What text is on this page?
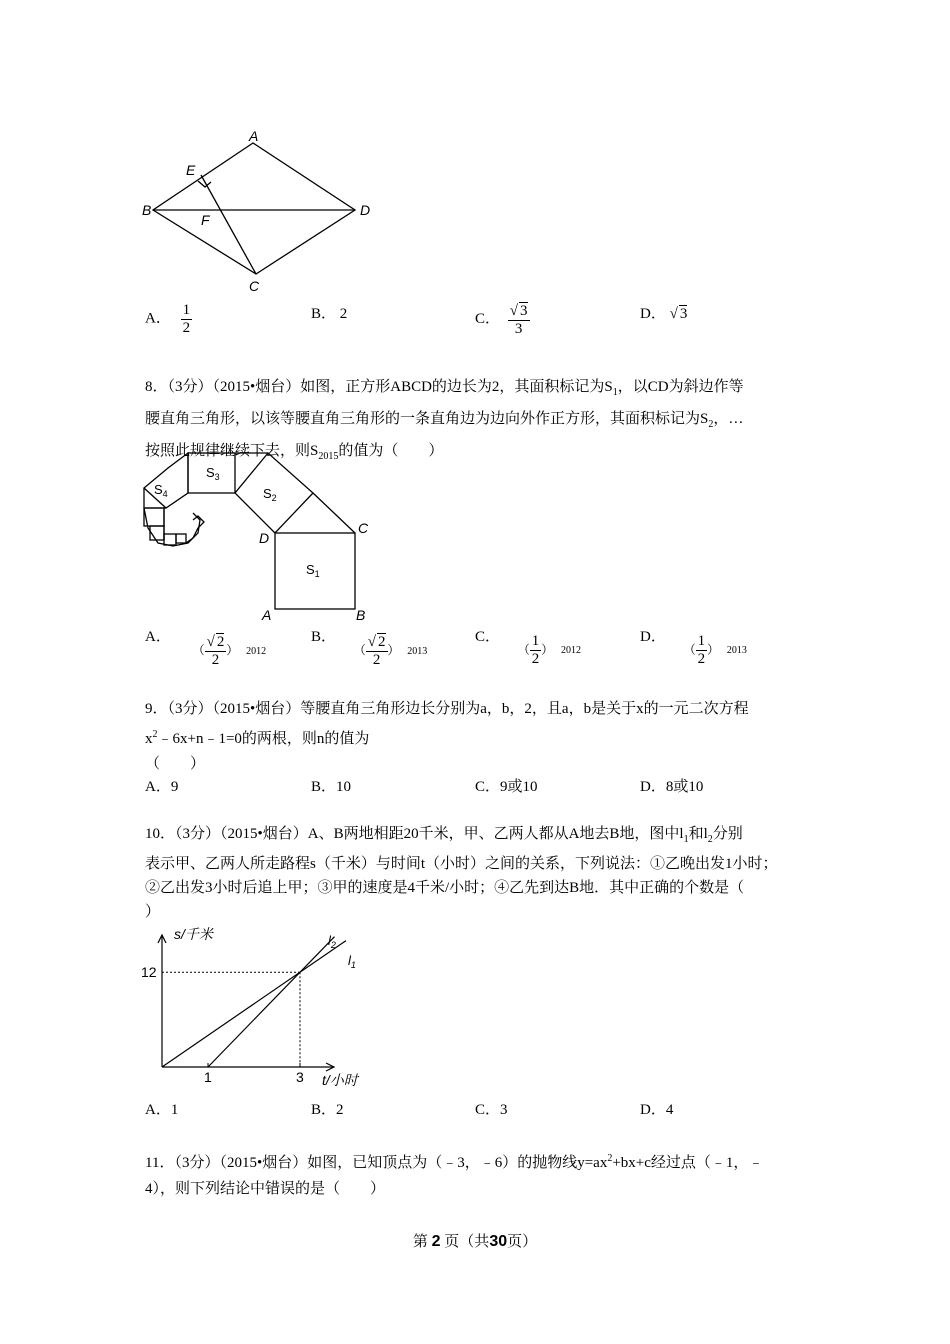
A
E
B
F
D
C
A． $\frac{1}{2}$	B． 2	C． $\frac{√ 3}{3}$	D． √ 3
8．（3分）（2015•烟台）如图，正方形ABCD的边长为2，其面积标记为$S_1$，以CD为斜边作等
腰直角三角形，以该等腰直角三角形的一条直角边为边向外作正方形，其面积标记为$S_2$，…
按照此规律继续下去，则$S_{2015}$的值为（　　）
$S_3$
$S_2$
$S_4$
$S_1$
D
C
A	B
A． （ $\frac{√ 2}{2}$ ） 2012
B． （ $\frac{√ 2}{2}$ ） 2013
C． （ $\frac{1}{2}$ ） 2012
D． （ $\frac{1}{2}$ ） 2013
9．（3分）（2015•烟台）等腰直角三角形边长分别为a，b，2，且a，b是关于x的一元二次方程
$x^2﹣6x+n﹣1=0$的两根，则n的值为
（　　）
A．9	B．10	C．9或10	D．8或10
10．（3分）（2015•烟台）A、B两地相距20千米，甲、乙两人都从A地去B地，图中$l_1$和$l_2$分别
表示甲、乙两人所走路程s（千米）与时间t（小时）之间的关系，下列说法：①乙晚出发1小时；
②乙出发3小时后追上甲；③甲的速度是4千米/小时；④乙先到达B地．其中正确的个数是（
）
s/千米
t/小时
1	3
12
$l_2$
$l_1$
A．1	B．2	C．3	D．4
11．（3分）（2015•烟台）如图，已知顶点为（﹣3，﹣6）的抛物线$y=ax^2+bx+c$经过点（﹣1，﹣
4），则下列结论中错误的是（　　）
第 2 页（共30页）
